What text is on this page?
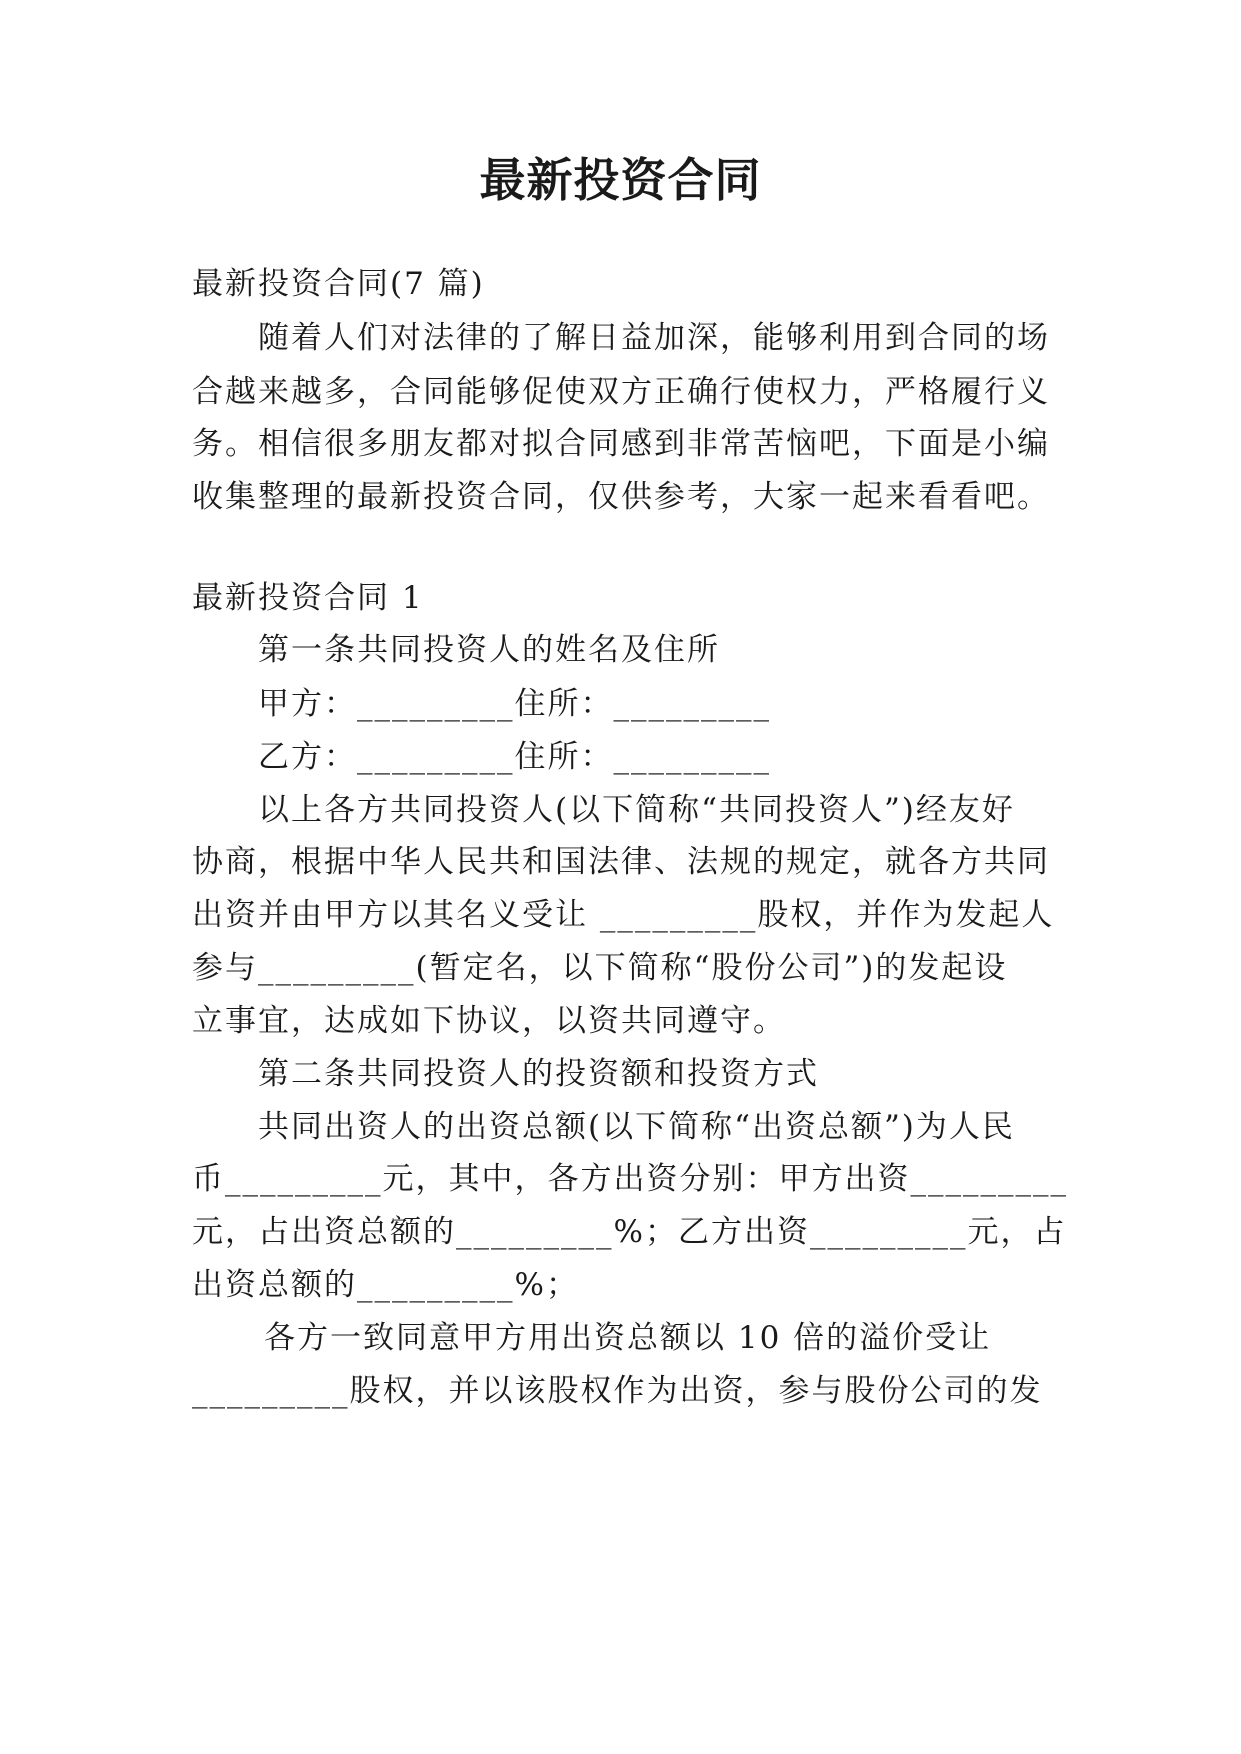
最新投资合同
最新投资合同(7 篇)
随着人们对法律的了解日益加深，能够利用到合同的场
合越来越多，合同能够促使双方正确行使权力，严格履行义
务。相信很多朋友都对拟合同感到非常苦恼吧，下面是小编
收集整理的最新投资合同，仅供参考，大家一起来看看吧。
最新投资合同 1
第一条共同投资人的姓名及住所
甲方：_________住所：_________
乙方：_________住所：_________
以上各方共同投资人(以下简称“共同投资人”)经友好
协商，根据中华人民共和国法律、法规的规定，就各方共同
出资并由甲方以其名义受让 _________股权，并作为发起人
参与_________(暂定名，以下简称“股份公司”)的发起设
立事宜，达成如下协议，以资共同遵守。
第二条共同投资人的投资额和投资方式
共同出资人的出资总额(以下简称“出资总额”)为人民
币_________元，其中，各方出资分别：甲方出资_________
元，占出资总额的_________%；乙方出资_________元，占
出资总额的_________%；
各方一致同意甲方用出资总额以 10 倍的溢价受让
_________股权，并以该股权作为出资，参与股份公司的发
